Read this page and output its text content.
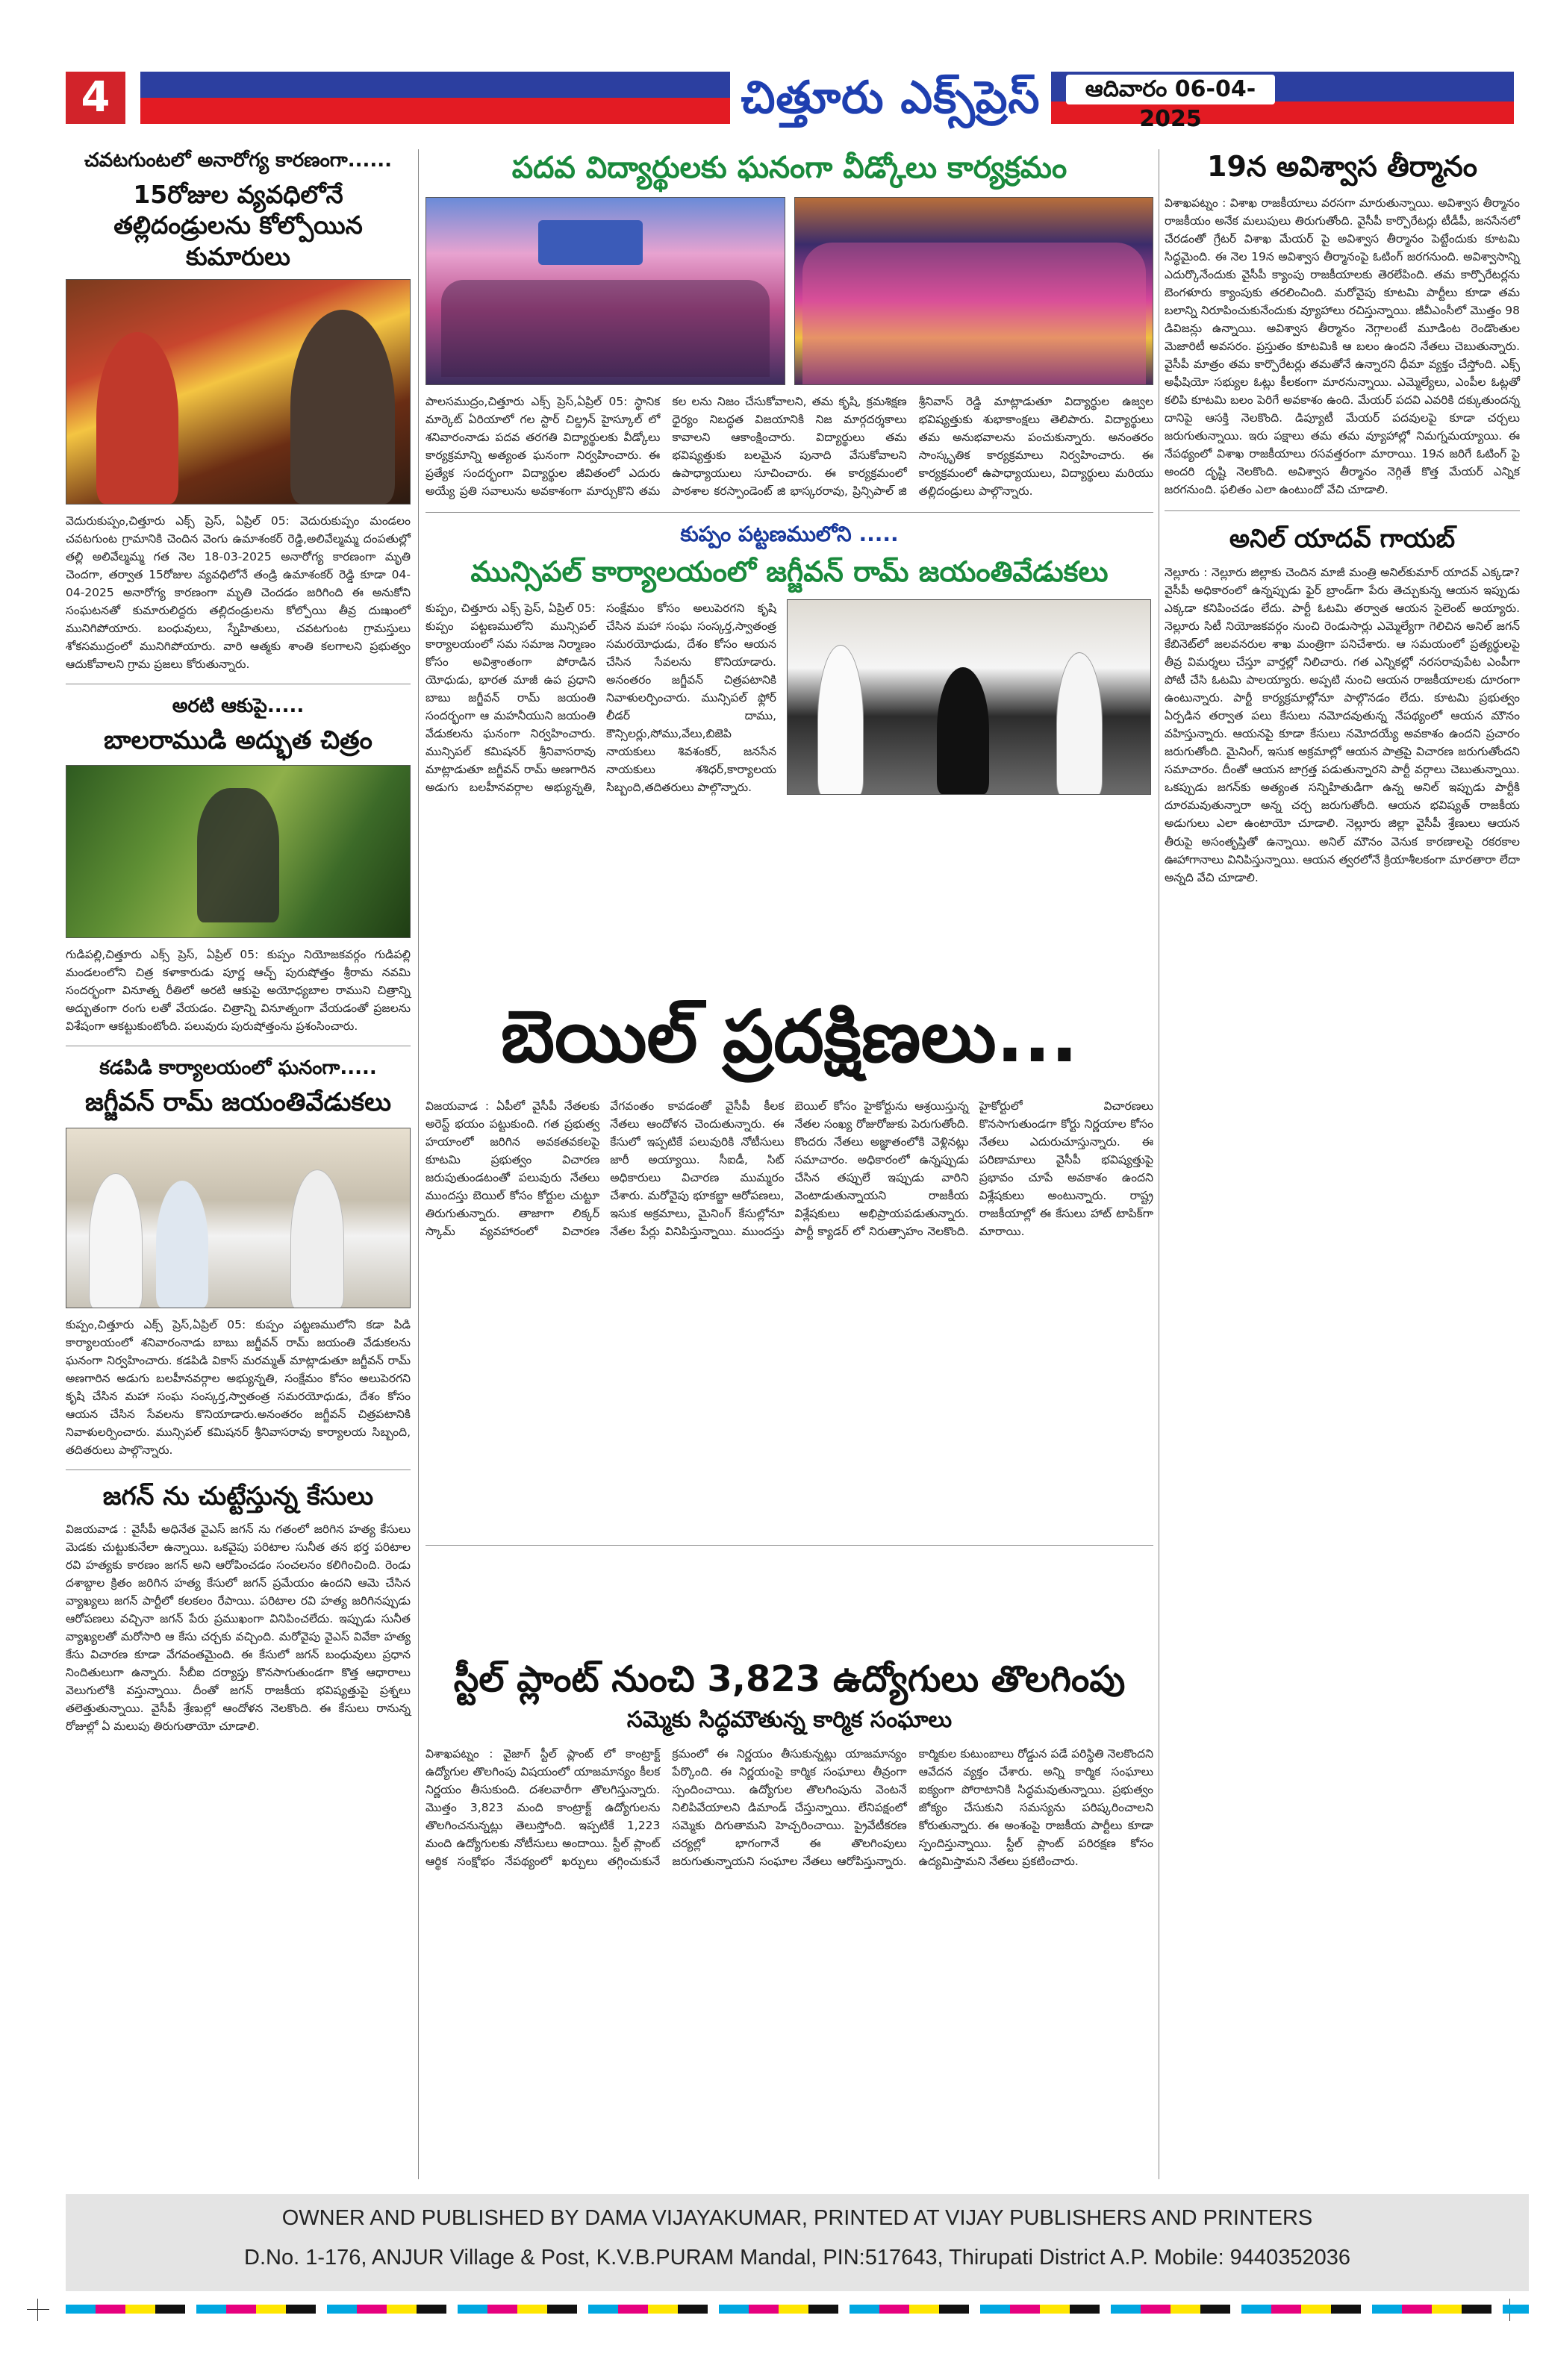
4	చిత్తూరు ఎక్స్‌ప్రెస్	ఆదివారం 06-04-2025

చవటగుంటలో అనారోగ్య కారణంగా......

15రోజుల వ్యవధిలోనే తల్లిదండ్రులను కోల్పోయిన కుమారులు

వెదురుకుప్పం,చిత్తూరు ఎక్స్ ప్రెస్, ఏప్రిల్ 05: వెదురుకుప్పం మండలం చవటగుంట గ్రామానికి చెందిన వెంగు ఉమాశంకర్ రెడ్డి,అలివేల్మమ్మ దంపతుల్లో తల్లి అలివేల్మమ్మ గత నెల 18-03-2025 అనారోగ్య కారణంగా మృతి చెందగా, తర్వాత 15రోజుల వ్యవధిలోనే తండ్రి ఉమాశంకర్ రెడ్డి కూడా 04-04-2025 అనారోగ్య కారణంగా మృతి చెందడం జరిగింది ఈ అనుకోని సంఘటనతో కుమారులిద్దరు తల్లిదండ్రులను కోల్పోయి తీవ్ర దుఃఖంలో మునిగిపోయారు. బంధువులు, స్నేహితులు, చవటగుంట గ్రామస్తులు శోకసముద్రంలో మునిగిపోయారు. వారి ఆత్మకు శాంతి కలగాలని ప్రభుత్వం ఆదుకోవాలని గ్రామ ప్రజలు కోరుతున్నారు.

అరటి ఆకుపై.....

బాలరాముడి అద్భుత చిత్రం

గుడిపల్లి,చిత్తూరు ఎక్స్ ప్రెస్, ఏప్రిల్ 05: కుప్పం నియోజకవర్గం గుడిపల్లి మండలంలోని చిత్ర కళాకారుడు పూర్ణ ఆచ్చ్ పురుషోత్తం శ్రీరామ నవమి సందర్భంగా వినూత్న రీతిలో అరటి ఆకుపై అయోధ్యబాల రాముని చిత్రాన్ని అద్భుతంగా రంగు లతో వేయడం. చిత్రాన్ని వినూత్నంగా వేయడంతో ప్రజలను విశేషంగా ఆకట్టుకుంటోంది. పలువురు పురుషోత్తంను ప్రశంసించారు.

కడపిడి కార్యాలయంలో ఘనంగా.....

జగ్జీవన్ రామ్ జయంతివేడుకలు

కుప్పం,చిత్తూరు ఎక్స్ ప్రెస్,ఏప్రిల్ 05: కుప్పం పట్టణములోని కడా పిడి కార్యాలయంలో శనివారంనాడు బాబు జగ్జీవన్ రామ్ జయంతి వేడుకలను ఘనంగా నిర్వహించారు. కడపిడి వికాస్ మరమ్మత్ మాట్లాడుతూ జగ్జీవన్ రామ్ అణగారిన అడుగు బలహీనవర్గాల అభ్యున్నతి, సంక్షేమం కోసం అలుపెరగని కృషి చేసిన మహా సంఘ సంస్కర్త,స్వాతంత్ర సమరయోధుడు, దేశం కోసం ఆయన చేసిన సేవలను కొనియాడారు.అనంతరం జగ్జీవన్ చిత్రపటానికి నివాళులర్పించారు. మున్సిపల్ కమిషనర్ శ్రీనివాసరావు కార్యాలయ సిబ్బంది, తదితరులు పాల్గొన్నారు.

జగన్ ను చుట్టేస్తున్న కేసులు

విజయవాడ : వైసీపీ అధినేత వైఎస్ జగన్ ను గతంలో జరిగిన హత్య కేసులు మెడకు చుట్టుకునేలా ఉన్నాయి. ఒకవైపు పరిటాల సునీత తన భర్త పరిటాల రవి హత్యకు కారణం జగన్ అని ఆరోపించడం సంచలనం కలిగించింది. రెండు దశాబ్దాల క్రితం జరిగిన హత్య కేసులో జగన్ ప్రమేయం ఉందని ఆమె చేసిన వ్యాఖ్యలు జగన్ పార్టీలో కలకలం రేపాయి. పరిటాల రవి హత్య జరిగినప్పుడు ఆరోపణలు వచ్చినా జగన్ పేరు ప్రముఖంగా వినిపించలేదు. ఇప్పుడు సునీత వ్యాఖ్యలతో మరోసారి ఆ కేసు చర్చకు వచ్చింది. మరోవైపు వైఎస్ వివేకా హత్య కేసు విచారణ కూడా వేగవంతమైంది. ఈ కేసులో జగన్ బంధువులు ప్రధాన నిందితులుగా ఉన్నారు. సీబీఐ దర్యాప్తు కొనసాగుతుండగా కొత్త ఆధారాలు వెలుగులోకి వస్తున్నాయి. దీంతో జగన్ రాజకీయ భవిష్యత్తుపై ప్రశ్నలు తలెత్తుతున్నాయి. వైసీపీ శ్రేణుల్లో ఆందోళన నెలకొంది. ఈ కేసులు రానున్న రోజుల్లో ఏ మలుపు తిరుగుతాయో చూడాలి.

పదవ విద్యార్థులకు ఘనంగా వీడ్కోలు కార్యక్రమం

పాలసముద్రం,చిత్తూరు ఎక్స్ ప్రెస్,ఏప్రిల్ 05: స్థానిక మార్కెట్ ఏరియాలో గల స్టార్ చిల్డ్రన్ హైస్కూల్ లో శనివారంనాడు పదవ తరగతి విద్యార్థులకు వీడ్కోలు కార్యక్రమాన్ని అత్యంత ఘనంగా నిర్వహించారు. ఈ ప్రత్యేక సందర్భంగా విద్యార్థుల జీవితంలో ఎదురు అయ్యే ప్రతి సవాలును అవకాశంగా మార్చుకొని తమ కల లను నిజం చేసుకోవాలని, తమ కృషి, క్రమశిక్షణ ధైర్యం నిబద్ధత విజయానికి నిజ మార్గదర్శకాలు కావాలని ఆకాంక్షించారు. విద్యార్థులు తమ భవిష్యత్తుకు బలమైన పునాది వేసుకోవాలని ఉపాధ్యాయులు సూచించారు. ఈ కార్యక్రమంలో పాఠశాల కరస్పాండెంట్ జి భాస్కరరావు, ప్రిన్సిపాల్ జి శ్రీనివాస్ రెడ్డి మాట్లాడుతూ విద్యార్థుల ఉజ్వల భవిష్యత్తుకు శుభాకాంక్షలు తెలిపారు. విద్యార్థులు తమ అనుభవాలను పంచుకున్నారు. అనంతరం సాంస్కృతిక కార్యక్రమాలు నిర్వహించారు. ఈ కార్యక్రమంలో ఉపాధ్యాయులు, విద్యార్థులు మరియు తల్లిదండ్రులు పాల్గొన్నారు.

కుప్పం పట్టణములోని .....

మున్సిపల్ కార్యాలయంలో జగ్జీవన్ రామ్ జయంతివేడుకలు

కుప్పం, చిత్తూరు ఎక్స్ ప్రెస్, ఏప్రిల్ 05: కుప్పం పట్టణములోని మున్సిపల్ కార్యాలయంలో సమ సమాజ నిర్మాణం కోసం అవిశ్రాంతంగా పోరాడిన యోధుడు, భారత మాజీ ఉప ప్రధాని బాబు జగ్జీవన్ రామ్ జయంతి సందర్భంగా ఆ మహనీయుని జయంతి వేడుకలను ఘనంగా నిర్వహించారు. మున్సిపల్ కమిషనర్ శ్రీనివాసరావు మాట్లాడుతూ జగ్జీవన్ రామ్ అణగారిన అడుగు బలహీనవర్గాల అభ్యున్నతి, సంక్షేమం కోసం అలుపెరగని కృషి చేసిన మహా సంఘ సంస్కర్త,స్వాతంత్ర సమరయోధుడు, దేశం కోసం ఆయన చేసిన సేవలను కొనియాడారు. అనంతరం జగ్జీవన్ చిత్రపటానికి నివాళులర్పించారు. మున్సిపల్ ఫ్లోర్ లీడర్ దాము, కౌన్సిలర్లు,సోము,వేలు,బిజెపి నాయకులు శివశంకర్, జనసేన నాయకులు శశిధర్,కార్యాలయ సిబ్బంది,తదితరులు పాల్గొన్నారు.

బెయిల్ ప్రదక్షిణలు...

విజయవాడ : ఏపీలో వైసీపీ నేతలకు అరెస్ట్ భయం పట్టుకుంది. గత ప్రభుత్వ హయాంలో జరిగిన అవకతవకలపై కూటమి ప్రభుత్వం విచారణ జరుపుతుండటంతో పలువురు నేతలు ముందస్తు బెయిల్ కోసం కోర్టుల చుట్టూ తిరుగుతున్నారు. తాజాగా లిక్కర్ స్కామ్ వ్యవహారంలో విచారణ వేగవంతం కావడంతో వైసీపీ కీలక నేతలు ఆందోళన చెందుతున్నారు. ఈ కేసులో ఇప్పటికే పలువురికి నోటీసులు జారీ అయ్యాయి. సీఐడీ, సిట్ అధికారులు విచారణ ముమ్మరం చేశారు. మరోవైపు భూకబ్జా ఆరోపణలు, ఇసుక అక్రమాలు, మైనింగ్ కేసుల్లోనూ నేతల పేర్లు వినిపిస్తున్నాయి. ముందస్తు బెయిల్ కోసం హైకోర్టును ఆశ్రయిస్తున్న నేతల సంఖ్య రోజురోజుకు పెరుగుతోంది. కొందరు నేతలు అజ్ఞాతంలోకి వెళ్లినట్లు సమాచారం. అధికారంలో ఉన్నప్పుడు చేసిన తప్పులే ఇప్పుడు వారిని వెంటాడుతున్నాయని రాజకీయ విశ్లేషకులు అభిప్రాయపడుతున్నారు. పార్టీ క్యాడర్ లో నిరుత్సాహం నెలకొంది. హైకోర్టులో విచారణలు కొనసాగుతుండగా కోర్టు నిర్ణయాల కోసం నేతలు ఎదురుచూస్తున్నారు. ఈ పరిణామాలు వైసీపీ భవిష్యత్తుపై ప్రభావం చూపే అవకాశం ఉందని విశ్లేషకులు అంటున్నారు. రాష్ట్ర రాజకీయాల్లో ఈ కేసులు హాట్ టాపిక్‌గా మారాయి.

స్టీల్ ప్లాంట్ నుంచి 3,823 ఉద్యోగులు తొలగింపు
సమ్మెకు సిద్ధమౌతున్న కార్మిక సంఘాలు

విశాఖపట్నం : వైజాగ్ స్టీల్ ప్లాంట్ లో కాంట్రాక్ట్ ఉద్యోగుల తొలగింపు విషయంలో యాజమాన్యం కీలక నిర్ణయం తీసుకుంది. దశలవారీగా తొలగిస్తున్నారు. మొత్తం 3,823 మంది కాంట్రాక్ట్ ఉద్యోగులను తొలగించనున్నట్లు తెలుస్తోంది. ఇప్పటికే 1,223 మంది ఉద్యోగులకు నోటీసులు అందాయి. స్టీల్ ప్లాంట్ ఆర్థిక సంక్షోభం నేపథ్యంలో ఖర్చులు తగ్గించుకునే క్రమంలో ఈ నిర్ణయం తీసుకున్నట్లు యాజమాన్యం పేర్కొంది. ఈ నిర్ణయంపై కార్మిక సంఘాలు తీవ్రంగా స్పందించాయి. ఉద్యోగుల తొలగింపును వెంటనే నిలిపివేయాలని డిమాండ్ చేస్తున్నాయి. లేనిపక్షంలో సమ్మెకు దిగుతామని హెచ్చరించాయి. ప్రైవేటీకరణ చర్యల్లో భాగంగానే ఈ తొలగింపులు జరుగుతున్నాయని సంఘాల నేతలు ఆరోపిస్తున్నారు. కార్మికుల కుటుంబాలు రోడ్డున పడే పరిస్థితి నెలకొందని ఆవేదన వ్యక్తం చేశారు. అన్ని కార్మిక సంఘాలు ఐక్యంగా పోరాటానికి సిద్ధమవుతున్నాయి. ప్రభుత్వం జోక్యం చేసుకుని సమస్యను పరిష్కరించాలని కోరుతున్నారు. ఈ అంశంపై రాజకీయ పార్టీలు కూడా స్పందిస్తున్నాయి. స్టీల్ ప్లాంట్ పరిరక్షణ కోసం ఉద్యమిస్తామని నేతలు ప్రకటించారు.

19న అవిశ్వాస తీర్మానం

విశాఖపట్నం : విశాఖ రాజకీయాలు వరసగా మారుతున్నాయి. అవిశ్వాస తీర్మానం రాజకీయం అనేక మలుపులు తిరుగుతోంది. వైసీపీ కార్పొరేటర్లు టీడీపీ, జనసేనలో చేరడంతో గ్రేటర్ విశాఖ మేయర్ పై అవిశ్వాస తీర్మానం పెట్టేందుకు కూటమి సిద్ధమైంది. ఈ నెల 19న అవిశ్వాస తీర్మానంపై ఓటింగ్ జరగనుంది. అవిశ్వాసాన్ని ఎదుర్కొనేందుకు వైసీపీ క్యాంపు రాజకీయాలకు తెరలేపింది. తమ కార్పొరేటర్లను బెంగళూరు క్యాంపుకు తరలించింది. మరోవైపు కూటమి పార్టీలు కూడా తమ బలాన్ని నిరూపించుకునేందుకు వ్యూహాలు రచిస్తున్నాయి. జీవీఎంసీలో మొత్తం 98 డివిజన్లు ఉన్నాయి. అవిశ్వాస తీర్మానం నెగ్గాలంటే మూడింట రెండొంతుల మెజారిటీ అవసరం. ప్రస్తుతం కూటమికి ఆ బలం ఉందని నేతలు చెబుతున్నారు. వైసీపీ మాత్రం తమ కార్పొరేటర్లు తమతోనే ఉన్నారని ధీమా వ్యక్తం చేస్తోంది. ఎక్స్ అఫీషియో సభ్యుల ఓట్లు కీలకంగా మారనున్నాయి. ఎమ్మెల్యేలు, ఎంపీల ఓట్లతో కలిపి కూటమి బలం పెరిగే అవకాశం ఉంది. మేయర్ పదవి ఎవరికి దక్కుతుందన్న దానిపై ఆసక్తి నెలకొంది. డిప్యూటీ మేయర్ పదవులపై కూడా చర్చలు జరుగుతున్నాయి. ఇరు పక్షాలు తమ తమ వ్యూహాల్లో నిమగ్నమయ్యాయి. ఈ నేపథ్యంలో విశాఖ రాజకీయాలు రసవత్తరంగా మారాయి. 19న జరిగే ఓటింగ్ పై అందరి దృష్టి నెలకొంది. అవిశ్వాస తీర్మానం నెగ్గితే కొత్త మేయర్ ఎన్నిక జరగనుంది. ఫలితం ఎలా ఉంటుందో వేచి చూడాలి.

అనిల్ యాదవ్ గాయబ్

నెల్లూరు : నెల్లూరు జిల్లాకు చెందిన మాజీ మంత్రి అనిల్‌కుమార్ యాదవ్ ఎక్కడా? వైసీపీ అధికారంలో ఉన్నప్పుడు ఫైర్ బ్రాండ్‌గా పేరు తెచ్చుకున్న ఆయన ఇప్పుడు ఎక్కడా కనిపించడం లేదు. పార్టీ ఓటమి తర్వాత ఆయన సైలెంట్ అయ్యారు. నెల్లూరు సిటీ నియోజకవర్గం నుంచి రెండుసార్లు ఎమ్మెల్యేగా గెలిచిన అనిల్ జగన్ కేబినెట్‌లో జలవనరుల శాఖ మంత్రిగా పనిచేశారు. ఆ సమయంలో ప్రత్యర్థులపై తీవ్ర విమర్శలు చేస్తూ వార్తల్లో నిలిచారు. గత ఎన్నికల్లో నరసరావుపేట ఎంపీగా పోటీ చేసి ఓటమి పాలయ్యారు. అప్పటి నుంచి ఆయన రాజకీయాలకు దూరంగా ఉంటున్నారు. పార్టీ కార్యక్రమాల్లోనూ పాల్గొనడం లేదు. కూటమి ప్రభుత్వం ఏర్పడిన తర్వాత పలు కేసులు నమోదవుతున్న నేపథ్యంలో ఆయన మౌనం వహిస్తున్నారు. ఆయనపై కూడా కేసులు నమోదయ్యే అవకాశం ఉందని ప్రచారం జరుగుతోంది. మైనింగ్, ఇసుక అక్రమాల్లో ఆయన పాత్రపై విచారణ జరుగుతోందని సమాచారం. దీంతో ఆయన జాగ్రత్త పడుతున్నారని పార్టీ వర్గాలు చెబుతున్నాయి. ఒకప్పుడు జగన్‌కు అత్యంత సన్నిహితుడిగా ఉన్న అనిల్ ఇప్పుడు పార్టీకి దూరమవుతున్నారా అన్న చర్చ జరుగుతోంది. ఆయన భవిష్యత్ రాజకీయ అడుగులు ఎలా ఉంటాయో చూడాలి. నెల్లూరు జిల్లా వైసీపీ శ్రేణులు ఆయన తీరుపై అసంతృప్తితో ఉన్నాయి. అనిల్ మౌనం వెనుక కారణాలపై రకరకాల ఊహాగానాలు వినిపిస్తున్నాయి. ఆయన త్వరలోనే క్రియాశీలకంగా మారతారా లేదా అన్నది వేచి చూడాలి.

OWNER AND PUBLISHED BY DAMA VIJAYAKUMAR, PRINTED AT VIJAY PUBLISHERS AND PRINTERS

D.No. 1-176, ANJUR Village & Post, K.V.B.PURAM Mandal, PIN:517643, Thirupati District A.P. Mobile: 9440352036
